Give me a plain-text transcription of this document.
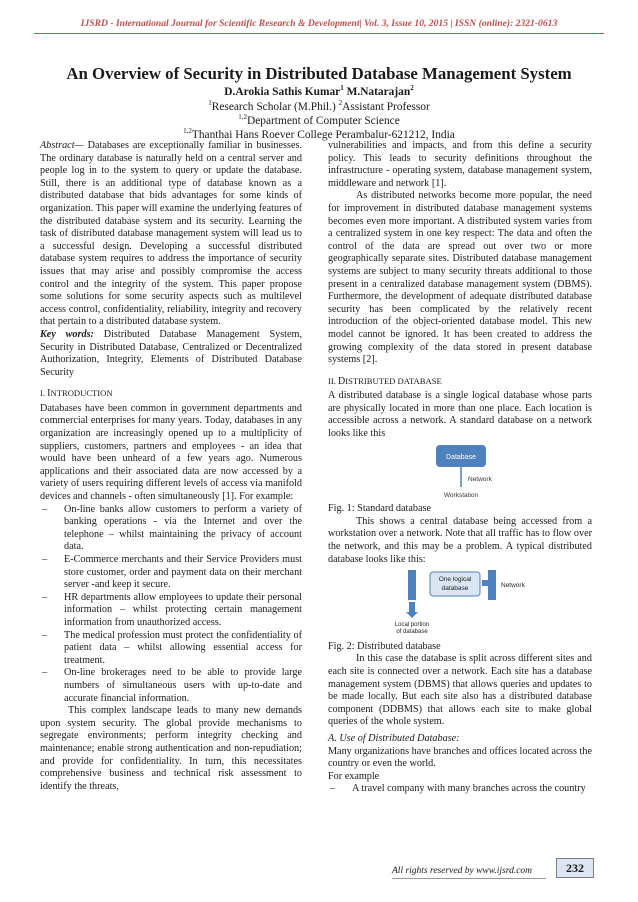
IJSRD - International Journal for Scientific Research & Development| Vol. 3, Issue 10, 2015 | ISSN (online): 2321-0613
An Overview of Security in Distributed Database Management System
D.Arokia Sathis Kumar$^1$ M.Natarajan$^2$
$^1$Research Scholar (M.Phil.) $^2$Assistant Professor
$^{1,2}$Department of Computer Science
$^{1,2}$Thanthai Hans Roever College Perambalur-621212, India

Abstract— Databases are exceptionally familiar in businesses. The ordinary database is naturally held on a central server and people log in to the system to query or update the database. Still, there is an additional type of database known as a distributed database that bids advantages for some kinds of organization. This paper will examine the underlying features of the distributed database system and its security. Learning the task of distributed database management system will lead us to a successful design. Developing a successful distributed database system requires to address the importance of security issues that may arise and possibly compromise the access control and the integrity of the system. This paper propose some solutions for some security aspects such as multilevel access control, confidentiality, reliability, integrity and recovery that pertain to a distributed database system.

Key words: Distributed Database Management System, Security in Distributed Database, Centralized or Decentralized Authorization, Integrity, Elements of Distributed Database Security

I. INTRODUCTION

Databases have been common in government departments and commercial enterprises for many years. Today, databases in any organization are increasingly opened up to a multiplicity of suppliers, customers, partners and employees - an idea that would have been unheard of a few years ago. Numerous applications and their associated data are now accessed by a variety of users requiring different levels of access via manifold devices and channels - often simultaneously [1]. For example:

– On-line banks allow customers to perform a variety of banking operations - via the Internet and over the telephone – whilst maintaining the privacy of account data.
– E-Commerce merchants and their Service Providers must store customer, order and payment data on their merchant server -and keep it secure.
– HR departments allow employees to update their personal information – whilst protecting certain management information from unauthorized access.
– The medical profession must protect the confidentiality of patient data – whilst allowing essential access for treatment.
– On-line brokerages need to be able to provide large numbers of simultaneous users with up-to-date and accurate financial information.

This complex landscape leads to many new demands upon system security. The global provide mechanisms to segregate environments; perform integrity checking and maintenance; enable strong authentication and non-repudiation; and provide for confidentiality. In turn, this necessitates comprehensive business and technical risk assessment to identify the threats,

vulnerabilities and impacts, and from this define a security policy. This leads to security definitions throughout the infrastructure - operating system, database management system, middleware and network [1].

As distributed networks become more popular, the need for improvement in distributed database management systems becomes even more important. A distributed system varies from a centralized system in one key respect: The data and often the control of the data are spread out over two or more geographically separate sites. Distributed database management systems are subject to many security threats additional to those present in a centralized database management system (DBMS). Furthermore, the development of adequate distributed database security has been complicated by the relatively recent introduction of the object-oriented database model. This new model cannot be ignored. It has been created to address the growing complexity of the data stored in present database systems [2].

II. DISTRIBUTED DATABASE

A distributed database is a single logical database whose parts are physically located in more than one place. Each location is accessible across a network. A standard database on a network looks like this

Database
Network
Workstation

Fig. 1: Standard database

This shows a central database being accessed from a workstation over a network. Note that all traffic has to flow over the network, and this may be a problem. A typical distributed database looks like this:

One logical
database	Network
Local portion
of database

Fig. 2: Distributed database

In this case the database is split across different sites and each site is connected over a network. Each site has a database management system (DBMS) that allows queries and updates to be made locally. But each site also has a distributed database component (DDBMS) that allows each site to make global queries of the whole system.

A. Use of Distributed Database:

Many organizations have branches and offices located across the country or even the world.

For example

– A travel company with many branches across the country
All rights reserved by www.ijsrd.com	232
